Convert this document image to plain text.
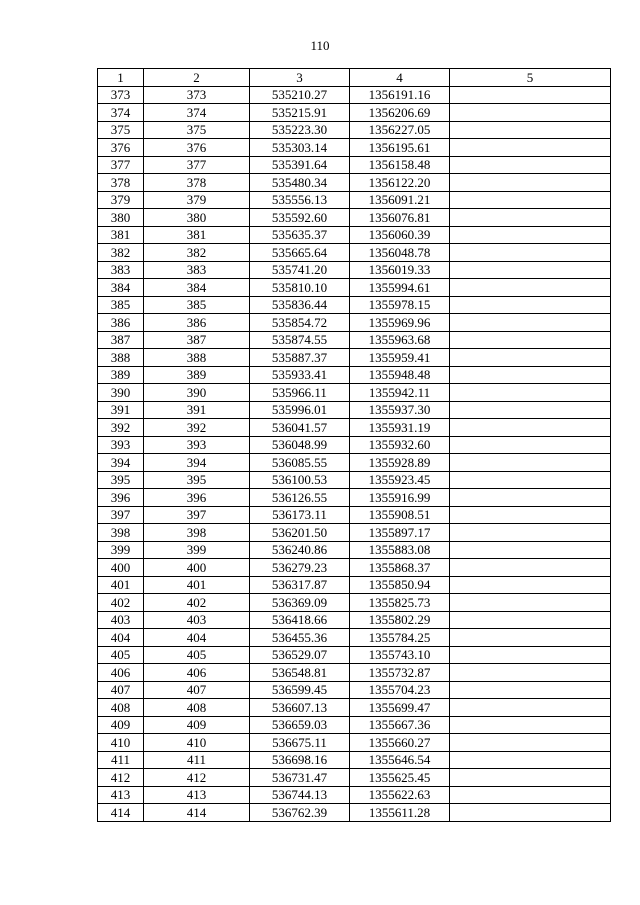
110
1	2	3	4	5
373	373	535210.27	1356191.16	
374	374	535215.91	1356206.69	
375	375	535223.30	1356227.05	
376	376	535303.14	1356195.61	
377	377	535391.64	1356158.48	
378	378	535480.34	1356122.20	
379	379	535556.13	1356091.21	
380	380	535592.60	1356076.81	
381	381	535635.37	1356060.39	
382	382	535665.64	1356048.78	
383	383	535741.20	1356019.33	
384	384	535810.10	1355994.61	
385	385	535836.44	1355978.15	
386	386	535854.72	1355969.96	
387	387	535874.55	1355963.68	
388	388	535887.37	1355959.41	
389	389	535933.41	1355948.48	
390	390	535966.11	1355942.11	
391	391	535996.01	1355937.30	
392	392	536041.57	1355931.19	
393	393	536048.99	1355932.60	
394	394	536085.55	1355928.89	
395	395	536100.53	1355923.45	
396	396	536126.55	1355916.99	
397	397	536173.11	1355908.51	
398	398	536201.50	1355897.17	
399	399	536240.86	1355883.08	
400	400	536279.23	1355868.37	
401	401	536317.87	1355850.94	
402	402	536369.09	1355825.73	
403	403	536418.66	1355802.29	
404	404	536455.36	1355784.25	
405	405	536529.07	1355743.10	
406	406	536548.81	1355732.87	
407	407	536599.45	1355704.23	
408	408	536607.13	1355699.47	
409	409	536659.03	1355667.36	
410	410	536675.11	1355660.27	
411	411	536698.16	1355646.54	
412	412	536731.47	1355625.45	
413	413	536744.13	1355622.63	
414	414	536762.39	1355611.28	
